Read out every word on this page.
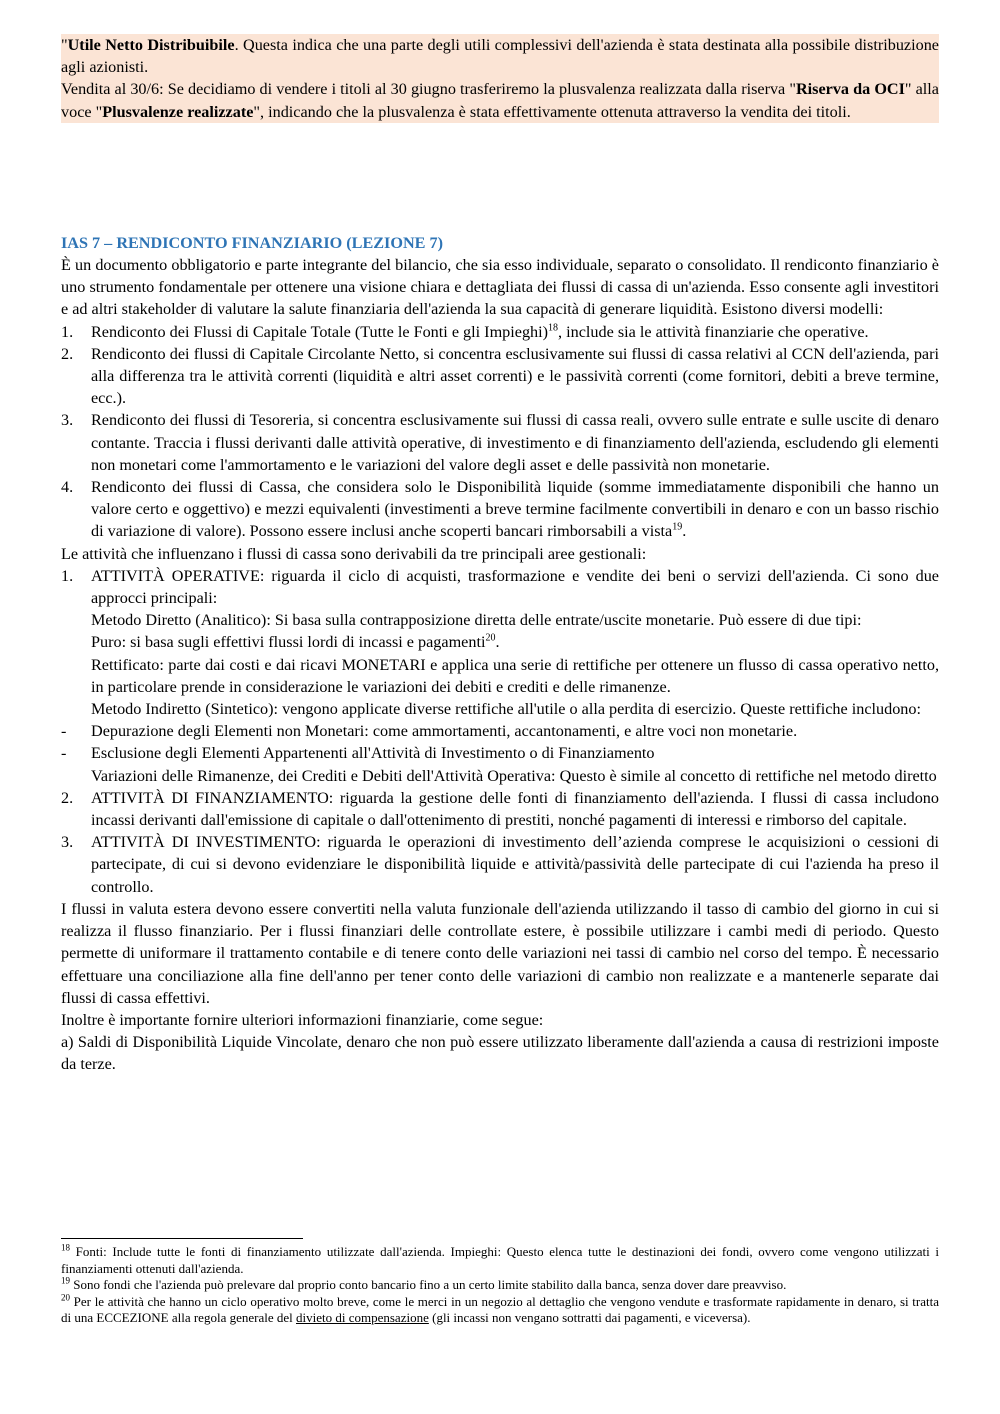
"Utile Netto Distribuibile. Questa indica che una parte degli utili complessivi dell'azienda è stata destinata alla possibile distribuzione agli azionisti.

Vendita al 30/6: Se decidiamo di vendere i titoli al 30 giugno trasferiremo la plusvalenza realizzata dalla riserva "Riserva da OCI" alla voce "Plusvalenze realizzate", indicando che la plusvalenza è stata effettivamente ottenuta attraverso la vendita dei titoli.

IAS 7 – RENDICONTO FINANZIARIO (LEZIONE 7)

È un documento obbligatorio e parte integrante del bilancio, che sia esso individuale, separato o consolidato. Il rendiconto finanziario è uno strumento fondamentale per ottenere una visione chiara e dettagliata dei flussi di cassa di un'azienda. Esso consente agli investitori e ad altri stakeholder di valutare la salute finanziaria dell'azienda la sua capacità di generare liquidità. Esistono diversi modelli:

1. Rendiconto dei Flussi di Capitale Totale (Tutte le Fonti e gli Impieghi)$^{18}$, include sia le attività finanziarie che operative.
2. Rendiconto dei flussi di Capitale Circolante Netto, si concentra esclusivamente sui flussi di cassa relativi al CCN dell'azienda, pari alla differenza tra le attività correnti (liquidità e altri asset correnti) e le passività correnti (come fornitori, debiti a breve termine, ecc.).
3. Rendiconto dei flussi di Tesoreria, si concentra esclusivamente sui flussi di cassa reali, ovvero sulle entrate e sulle uscite di denaro contante. Traccia i flussi derivanti dalle attività operative, di investimento e di finanziamento dell'azienda, escludendo gli elementi non monetari come l'ammortamento e le variazioni del valore degli asset e delle passività non monetarie.
4. Rendiconto dei flussi di Cassa, che considera solo le Disponibilità liquide (somme immediatamente disponibili che hanno un valore certo e oggettivo) e mezzi equivalenti (investimenti a breve termine facilmente convertibili in denaro e con un basso rischio di variazione di valore). Possono essere inclusi anche scoperti bancari rimborsabili a vista$^{19}$.

Le attività che influenzano i flussi di cassa sono derivabili da tre principali aree gestionali:

1. ATTIVITÀ OPERATIVE: riguarda il ciclo di acquisti, trasformazione e vendite dei beni o servizi dell'azienda. Ci sono due approcci principali:

Metodo Diretto (Analitico): Si basa sulla contrapposizione diretta delle entrate/uscite monetarie. Può essere di due tipi:

Puro: si basa sugli effettivi flussi lordi di incassi e pagamenti$^{20}$.

Rettificato: parte dai costi e dai ricavi MONETARI e applica una serie di rettifiche per ottenere un flusso di cassa operativo netto, in particolare prende in considerazione le variazioni dei debiti e crediti e delle rimanenze.

Metodo Indiretto (Sintetico): vengono applicate diverse rettifiche all'utile o alla perdita di esercizio. Queste rettifiche includono:

- Depurazione degli Elementi non Monetari: come ammortamenti, accantonamenti, e altre voci non monetarie.
- Esclusione degli Elementi Appartenenti all'Attività di Investimento o di Finanziamento

Variazioni delle Rimanenze, dei Crediti e Debiti dell'Attività Operativa: Questo è simile al concetto di rettifiche nel metodo diretto

2. ATTIVITÀ DI FINANZIAMENTO: riguarda la gestione delle fonti di finanziamento dell'azienda. I flussi di cassa includono incassi derivanti dall'emissione di capitale o dall'ottenimento di prestiti, nonché pagamenti di interessi e rimborso del capitale.
3. ATTIVITÀ DI INVESTIMENTO: riguarda le operazioni di investimento dell’azienda comprese le acquisizioni o cessioni di partecipate, di cui si devono evidenziare le disponibilità liquide e attività/passività delle partecipate di cui l'azienda ha preso il controllo.

I flussi in valuta estera devono essere convertiti nella valuta funzionale dell'azienda utilizzando il tasso di cambio del giorno in cui si realizza il flusso finanziario. Per i flussi finanziari delle controllate estere, è possibile utilizzare i cambi medi di periodo. Questo permette di uniformare il trattamento contabile e di tenere conto delle variazioni nei tassi di cambio nel corso del tempo. È necessario effettuare una conciliazione alla fine dell'anno per tener conto delle variazioni di cambio non realizzate e a mantenerle separate dai flussi di cassa effettivi.

Inoltre è importante fornire ulteriori informazioni finanziarie, come segue:

a) Saldi di Disponibilità Liquide Vincolate, denaro che non può essere utilizzato liberamente dall'azienda a causa di restrizioni imposte da terze.

$^{18}$ Fonti: Include tutte le fonti di finanziamento utilizzate dall'azienda. Impieghi: Questo elenca tutte le destinazioni dei fondi, ovvero come vengono utilizzati i finanziamenti ottenuti dall'azienda.

$^{19}$ Sono fondi che l'azienda può prelevare dal proprio conto bancario fino a un certo limite stabilito dalla banca, senza dover dare preavviso.

$^{20}$ Per le attività che hanno un ciclo operativo molto breve, come le merci in un negozio al dettaglio che vengono vendute e trasformate rapidamente in denaro, si tratta di una ECCEZIONE alla regola generale del divieto di compensazione (gli incassi non vengano sottratti dai pagamenti, e viceversa).
